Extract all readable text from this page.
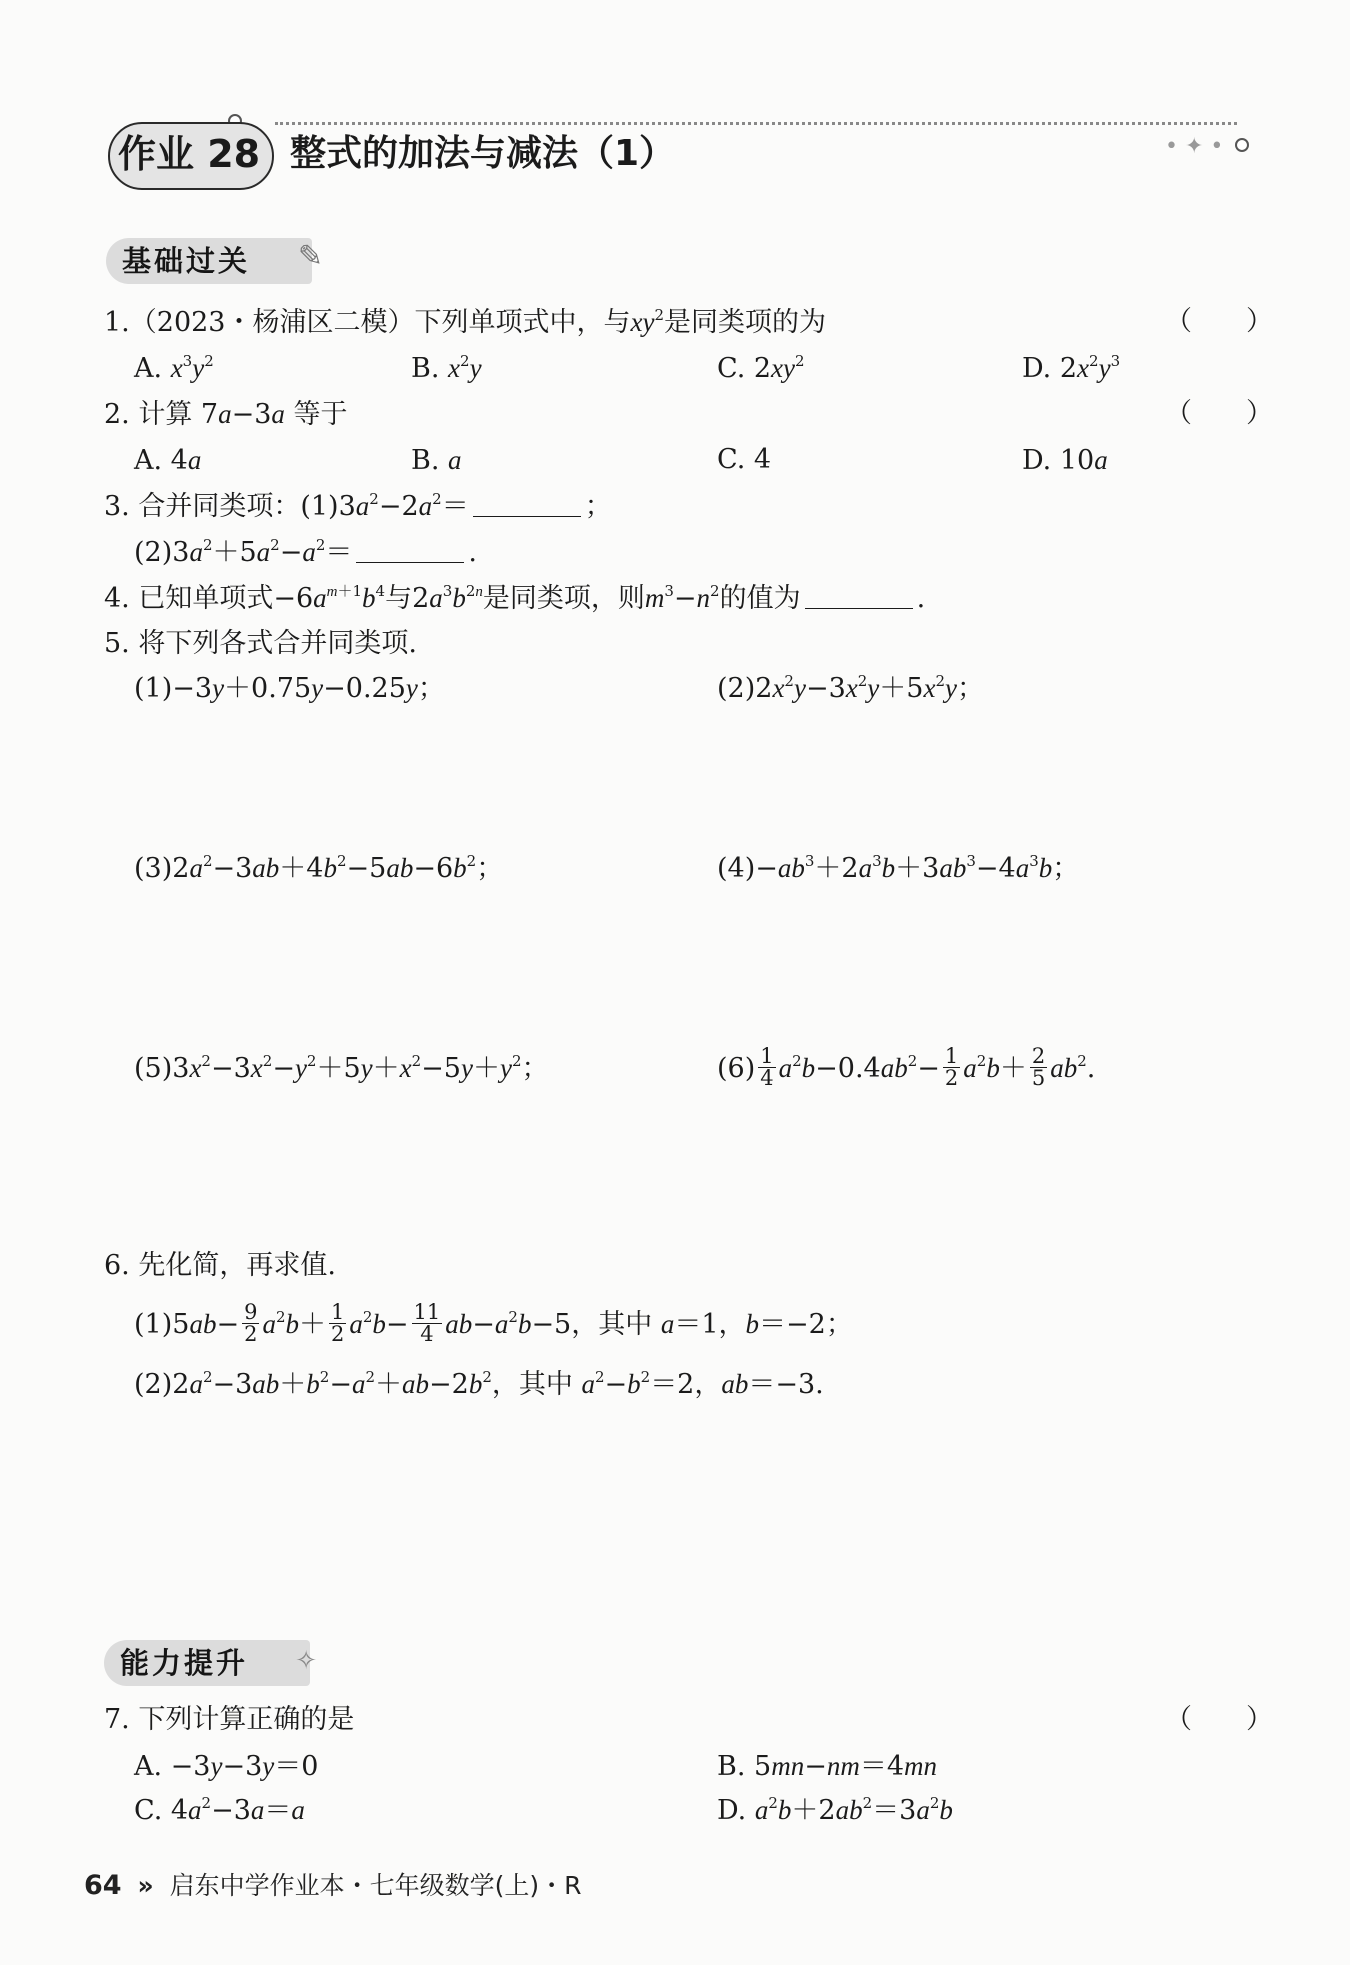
• ✦ •
作业 28 整式的加法与减法（1）
基础过关 ✎
1.（2023・杨浦区二模）下列单项式中，与$xy^2$是同类项的为	（　　）
A. $x^3y^2$	B. $x^2y$	C. $2xy^2$	D. $2x^2y^3$
2. 计算 7a−3a 等于	（　　）
A. 4a	B. a	C. 4	D. 10a
3. 合并同类项：$(1)3a^2-2a^2=$	；
$(2)3a^2+5a^2-a^2=$	.
4. 已知单项式$-6a^{m+1}b^4$与$2a^3b^{2n}$是同类项，则$m^3-n^2$的值为	.
5. 将下列各式合并同类项.
(1)−3y＋0.75y−0.25y；	$(2)2x^2y-3x^2y+5x^2y$；
$(3)2a^2-3ab+4b^2-5ab-6b^2$；	$(4)-ab^3+2a^3b+3ab^3-4a^3b$；
$(5)3x^2-3x^2-y^2+5y+x^2-5y+y^2$；	$(6) \frac{1}{4} a^2b-0.4ab^2- \frac{1}{2} a^2b+ \frac{2}{5} ab^2$.
6. 先化简，再求值.
$(1)5ab- \frac{9}{2} a^2b+ \frac{1}{2} a^2b- \frac{11}{4} ab-a^2b-5$，其中 a＝1，b＝−2；
$(2)2a^2-3ab+b^2-a^2+ab-2b^2$，其中 $a^2-b^2=2$，ab＝−3.
能力提升 ✧
7. 下列计算正确的是	（　　）
A. −3y−3y＝0	B. 5mn−nm＝4mn
C. $4a^2-3a=a$	D. $a^2b+2ab^2=3a^2b$
64 » 启东中学作业本・七年级数学(上)・R
